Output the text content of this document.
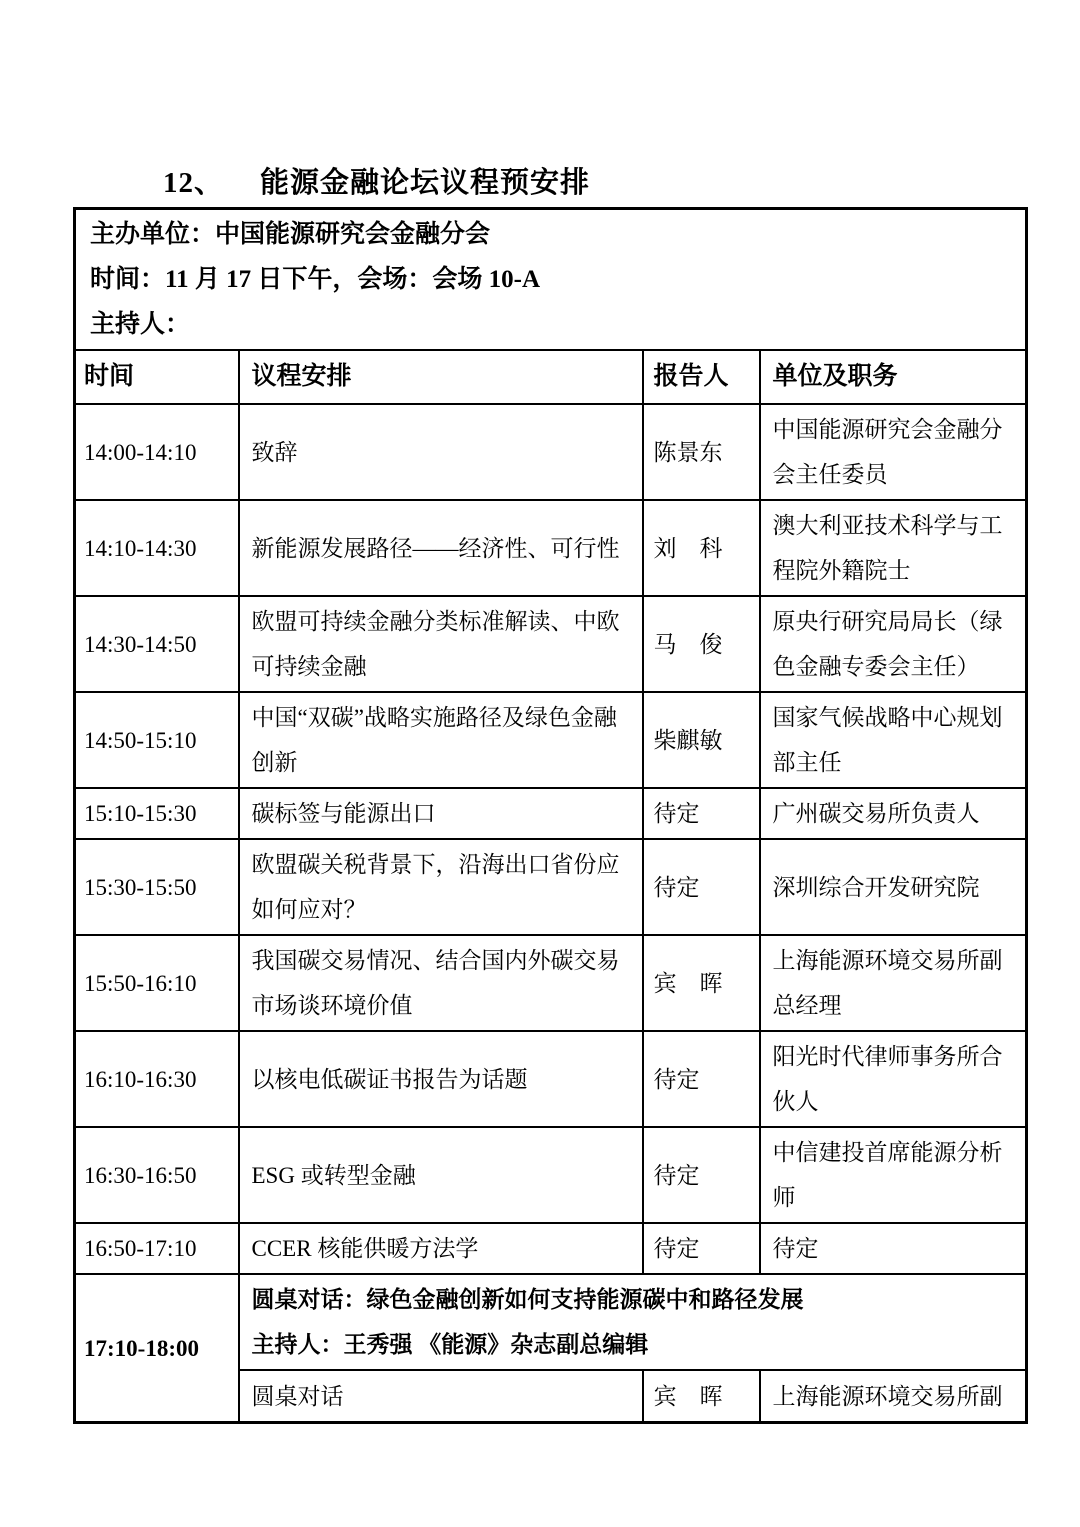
12、 能源金融论坛议程预安排
主办单位：中国能源研究会金融分会
时间：11 月 17 日下午，会场：会场 10-A
主持人：			

时间	议程安排	报告人	单位及职务
14:00-14:10	致辞	陈景东	中国能源研究会金融分会主任委员
14:10-14:30	新能源发展路径——经济性、可行性	刘　科	澳大利亚技术科学与工程院外籍院士
14:30-14:50	欧盟可持续金融分类标准解读、中欧可持续金融	马　俊	原央行研究局局长（绿色金融专委会主任）
14:50-15:10	中国“双碳”战略实施路径及绿色金融创新	柴麒敏	国家气候战略中心规划部主任
15:10-15:30	碳标签与能源出口	待定	广州碳交易所负责人
15:30-15:50	欧盟碳关税背景下，沿海出口省份应如何应对？	待定	深圳综合开发研究院
15:50-16:10	我国碳交易情况、结合国内外碳交易市场谈环境价值	宾　晖	上海能源环境交易所副总经理
16:10-16:30	以核电低碳证书报告为话题	待定	阳光时代律师事务所合伙人
16:30-16:50	ESG 或转型金融	待定	中信建投首席能源分析师
16:50-17:10	CCER 核能供暖方法学	待定	待定
17:10-18:00	圆桌对话：绿色金融创新如何支持能源碳中和路径发展
主持人：王秀强 《能源》杂志副总编辑		

	圆桌对话	宾　晖	上海能源环境交易所副
